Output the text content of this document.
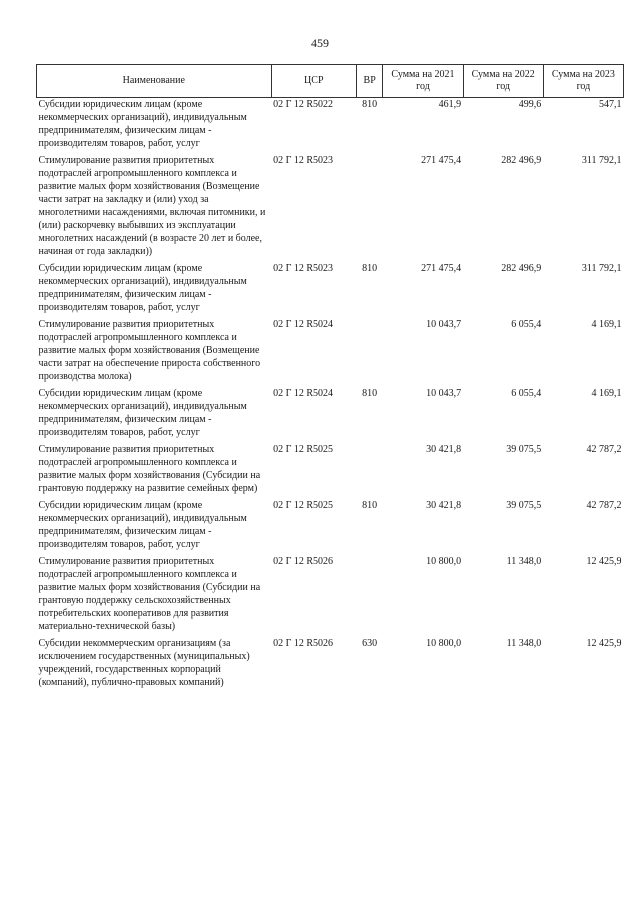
459
Наименование	ЦСР	ВР	Сумма на 2021 год	Сумма на 2022 год	Сумма на 2023 год
Субсидии юридическим лицам (кроме некоммерческих организаций), индивидуальным предпринимателям, физическим лицам - производителям товаров, работ, услуг	02 Г 12 R5022	810	461,9	499,6	547,1
Стимулирование развития приоритетных подотраслей агропромышленного комплекса и развитие малых форм хозяйствования (Возмещение части затрат на закладку и (или) уход за многолетними насаждениями, включая питомники, и (или) раскорчевку выбывших из эксплуатации многолетних насаждений (в возрасте 20 лет и более, начиная от года закладки))	02 Г 12 R5023		271 475,4	282 496,9	311 792,1
Субсидии юридическим лицам (кроме некоммерческих организаций), индивидуальным предпринимателям, физическим лицам - производителям товаров, работ, услуг	02 Г 12 R5023	810	271 475,4	282 496,9	311 792,1
Стимулирование развития приоритетных подотраслей агропромышленного комплекса и развитие малых форм хозяйствования (Возмещение части затрат на обеспечение прироста собственного производства молока)	02 Г 12 R5024		10 043,7	6 055,4	4 169,1
Субсидии юридическим лицам (кроме некоммерческих организаций), индивидуальным предпринимателям, физическим лицам - производителям товаров, работ, услуг	02 Г 12 R5024	810	10 043,7	6 055,4	4 169,1
Стимулирование развития приоритетных подотраслей агропромышленного комплекса и развитие малых форм хозяйствования (Субсидии на грантовую поддержку на развитие семейных ферм)	02 Г 12 R5025		30 421,8	39 075,5	42 787,2
Субсидии юридическим лицам (кроме некоммерческих организаций), индивидуальным предпринимателям, физическим лицам - производителям товаров, работ, услуг	02 Г 12 R5025	810	30 421,8	39 075,5	42 787,2
Стимулирование развития приоритетных подотраслей агропромышленного комплекса и развитие малых форм хозяйствования (Субсидии на грантовую поддержку сельскохозяйственных потребительских кооперативов для развития материально-технической базы)	02 Г 12 R5026		10 800,0	11 348,0	12 425,9
Субсидии некоммерческим организациям (за исключением государственных (муниципальных) учреждений, государственных корпораций (компаний), публично-правовых компаний)	02 Г 12 R5026	630	10 800,0	11 348,0	12 425,9
